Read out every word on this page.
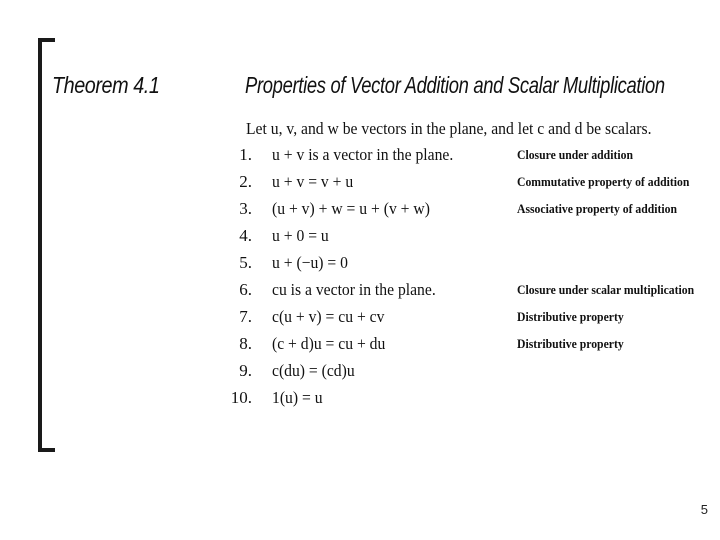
Theorem 4.1	Properties of Vector Addition and Scalar Multiplication
Let u, v, and w be vectors in the plane, and let c and d be scalars.
1. u + v is a vector in the plane.	Closure under addition
2. u + v = v + u	Commutative property of addition
3. (u + v) + w = u + (v + w)	Associative property of addition
4. u + 0 = u
5. u + (−u) = 0
6. cu is a vector in the plane.	Closure under scalar multiplication
7. c(u + v) = cu + cv	Distributive property
8. (c + d)u = cu + du	Distributive property
9. c(du) = (cd)u
10. 1(u) = u
5
